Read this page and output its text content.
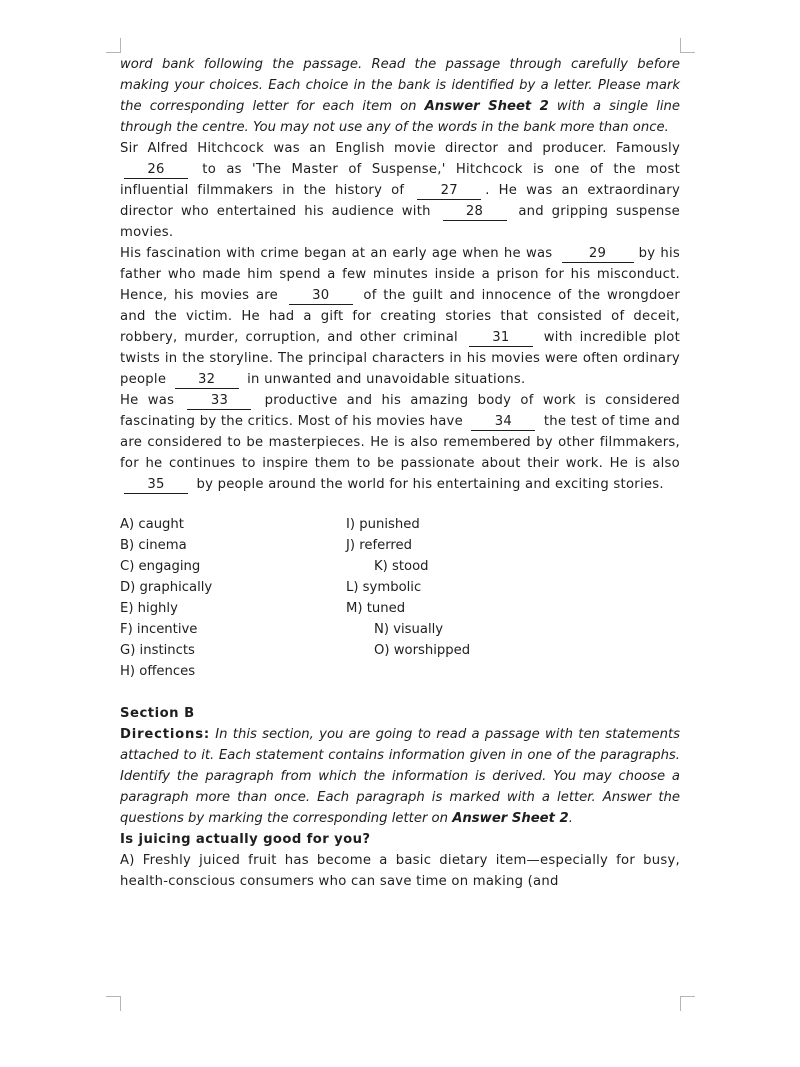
word bank following the passage. Read the passage through carefully before making your choices. Each choice in the bank is identified by a letter. Please mark the corresponding letter for each item on Answer Sheet 2 with a single line through the centre. You may not use any of the words in the bank more than once.

Sir Alfred Hitchcock was an English movie director and producer. Famously 26	to as 'The Master of Suspense,' Hitchcock is one of the most influential filmmakers in the history of	27 . He was an extraordinary director who entertained his audience with	28	and gripping suspense movies.

His fascination with crime began at an early age when he was	29 by his father who made him spend a few minutes inside a prison for his misconduct. Hence, his movies are	30	of the guilt and innocence of the wrongdoer and the victim. He had a gift for creating stories that consisted of deceit, robbery, murder, corruption, and other criminal	31	with incredible plot twists in the storyline. The principal characters in his movies were often ordinary people 32 in unwanted and unavoidable situations.

He was	33	productive and his amazing body of work is considered fascinating by the critics. Most of his movies have 34 the test of time and are considered to be masterpieces. He is also remembered by other filmmakers, for he continues to inspire them to be passionate about their work. He is also 35 by people around the world for his entertaining and exciting stories.

A) caught	I) punished
B) cinema	J) referred
C) engaging	K) stood
D) graphically	L) symbolic
E) highly	M) tuned
F) incentive	N) visually
G) instincts	O) worshipped
H) offences
Section B

Directions: In this section, you are going to read a passage with ten statements attached to it. Each statement contains information given in one of the paragraphs. Identify the paragraph from which the information is derived. You may choose a paragraph more than once. Each paragraph is marked with a letter. Answer the questions by marking the corresponding letter on Answer Sheet 2.

Is juicing actually good for you?

A) Freshly juiced fruit has become a basic dietary item—especially for busy, health-conscious consumers who can save time on making (and
